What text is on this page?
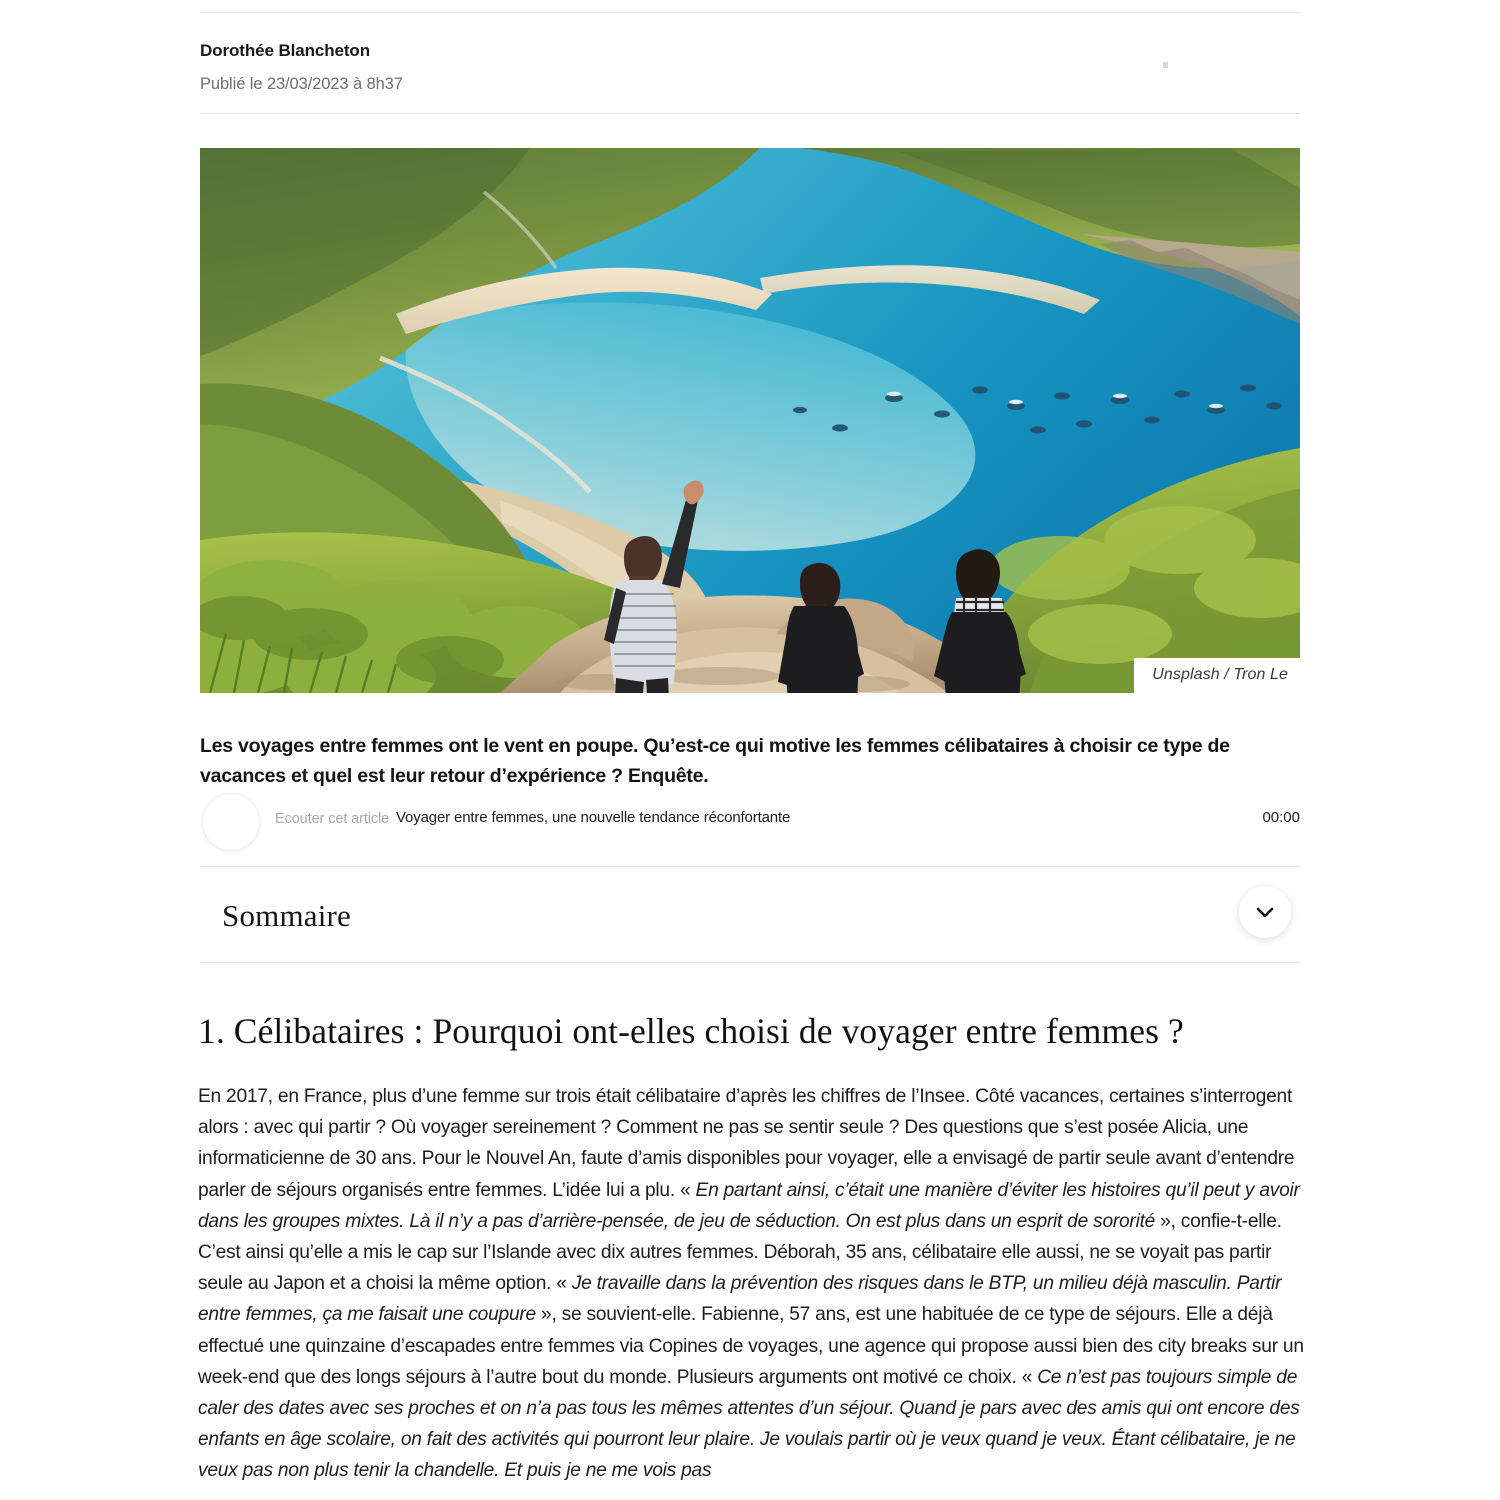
Dorothée Blancheton
Publié le 23/03/2023 à 8h37
Unsplash / Tron Le
Les voyages entre femmes ont le vent en poupe. Qu’est-ce qui motive les femmes célibataires à choisir ce type de vacances et quel est leur retour d’expérience ? Enquête.
Ecouter cet article Voyager entre femmes, une nouvelle tendance réconfortante	00:00
Sommaire
1. Célibataires : Pourquoi ont-elles choisi de voyager entre femmes ?

En 2017, en France, plus d’une femme sur trois était célibataire d’après les chiffres de l’Insee. Côté vacances, certaines s’interrogent alors : avec qui partir ? Où voyager sereinement ? Comment ne pas se sentir seule ? Des questions que s’est posée Alicia, une informaticienne de 30 ans. Pour le Nouvel An, faute d’amis disponibles pour voyager, elle a envisagé de partir seule avant d’entendre parler de séjours organisés entre femmes. L’idée lui a plu. « En partant ainsi, c’était une manière d’éviter les histoires qu’il peut y avoir dans les groupes mixtes. Là il n’y a pas d’arrière-pensée, de jeu de séduction. On est plus dans un esprit de sororité », confie-t-elle. C’est ainsi qu’elle a mis le cap sur l’Islande avec dix autres femmes. Déborah, 35 ans, célibataire elle aussi, ne se voyait pas partir seule au Japon et a choisi la même option. « Je travaille dans la prévention des risques dans le BTP, un milieu déjà masculin. Partir entre femmes, ça me faisait une coupure », se souvient-elle. Fabienne, 57 ans, est une habituée de ce type de séjours. Elle a déjà effectué une quinzaine d’escapades entre femmes via Copines de voyages, une agence qui propose aussi bien des city breaks sur un week-end que des longs séjours à l’autre bout du monde. Plusieurs arguments ont motivé ce choix. « Ce n’est pas toujours simple de caler des dates avec ses proches et on n’a pas tous les mêmes attentes d’un séjour. Quand je pars avec des amis qui ont encore des enfants en âge scolaire, on fait des activités qui pourront leur plaire. Je voulais partir où je veux quand je veux. Étant célibataire, je ne veux pas non plus tenir la chandelle. Et puis je ne me vois pas
